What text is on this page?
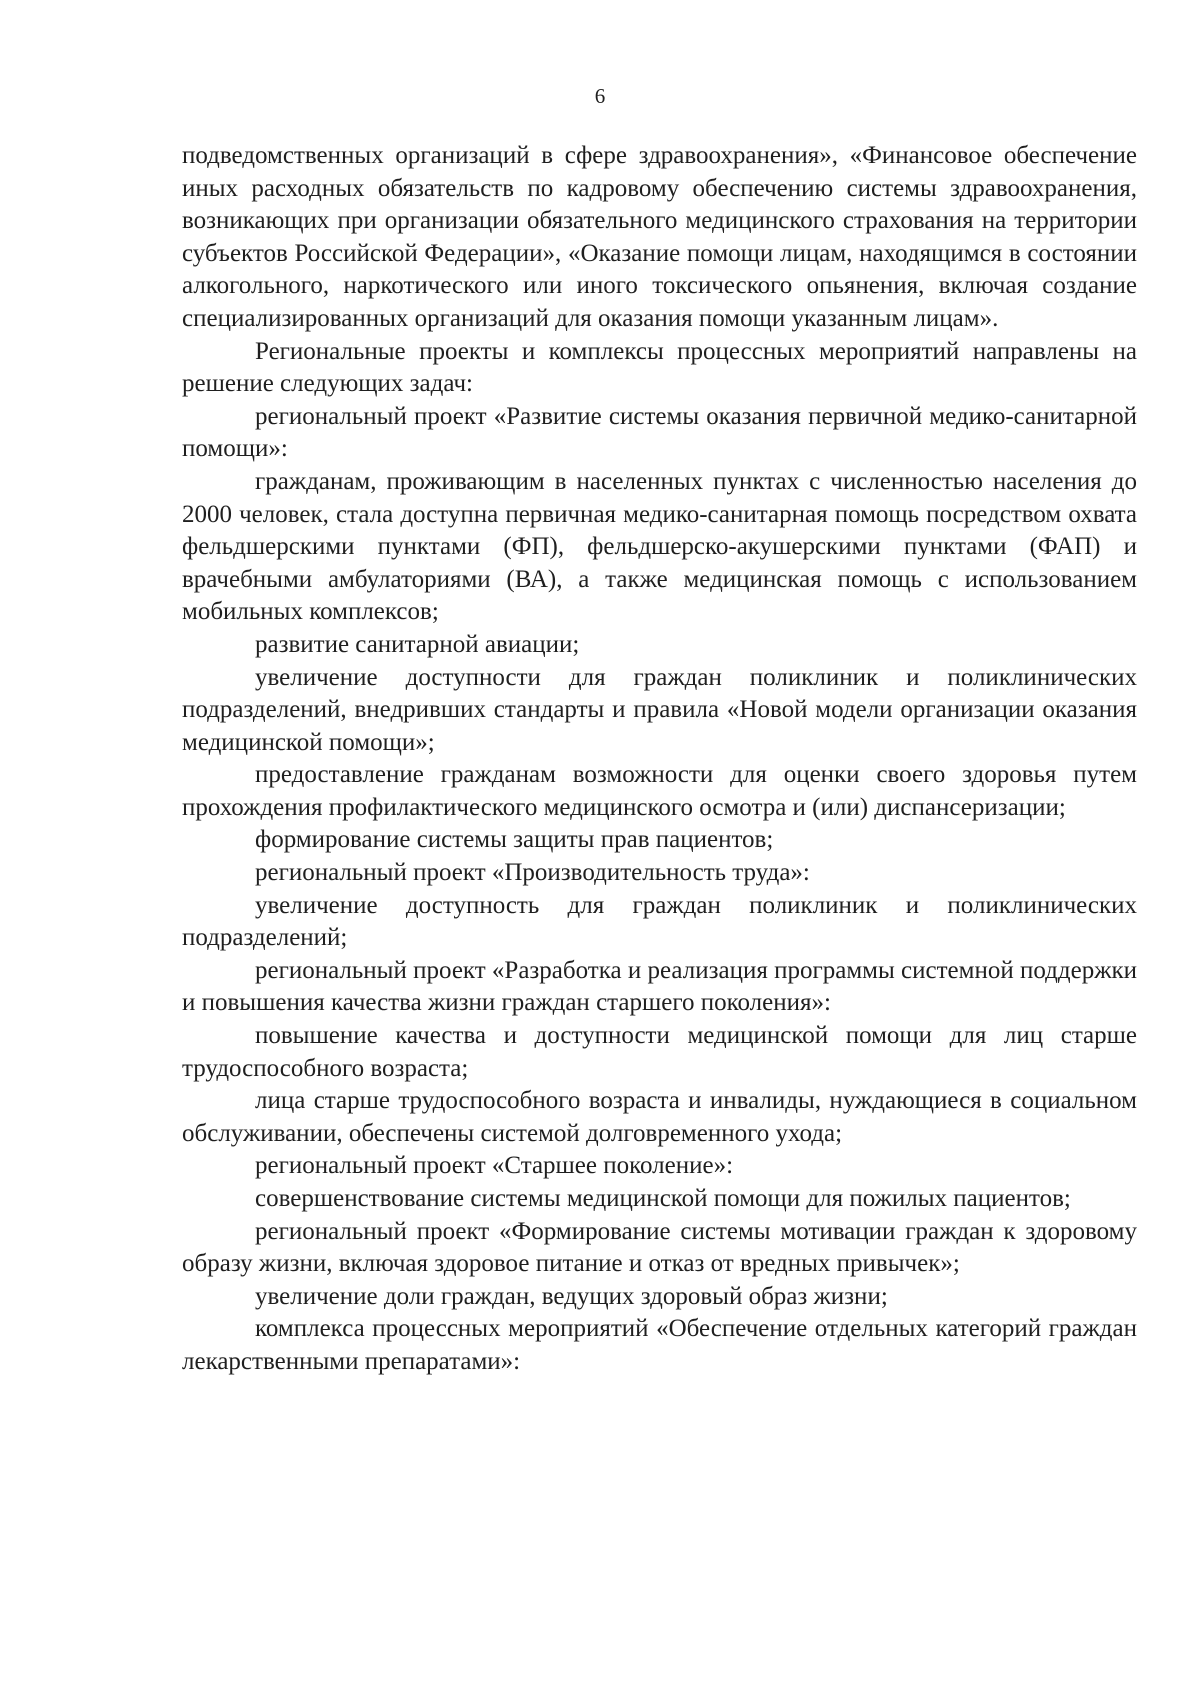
6

подведомственных организаций в сфере здравоохранения», «Финансовое обеспечение иных расходных обязательств по кадровому обеспечению системы здравоохранения, возникающих при организации обязательного медицинского страхования на территории субъектов Российской Федерации», «Оказание помощи лицам, находящимся в состоянии алкогольного, наркотического или иного токсического опьянения, включая создание специализированных организаций для оказания помощи указанным лицам».

Региональные проекты и комплексы процессных мероприятий направлены на решение следующих задач:

региональный проект «Развитие системы оказания первичной медико-санитарной помощи»:

гражданам, проживающим в населенных пунктах с численностью населения до 2000 человек, стала доступна первичная медико-санитарная помощь посредством охвата фельдшерскими пунктами (ФП), фельдшерско-акушерскими пунктами (ФАП) и врачебными амбулаториями (ВА), а также медицинская помощь с использованием мобильных комплексов;

развитие санитарной авиации;

увеличение доступности для граждан поликлиник и поликлинических подразделений, внедривших стандарты и правила «Новой модели организации оказания медицинской помощи»;

предоставление гражданам возможности для оценки своего здоровья путем прохождения профилактического медицинского осмотра и (или) диспансеризации;

формирование системы защиты прав пациентов;

региональный проект «Производительность труда»:

увеличение доступность для граждан поликлиник и поликлинических подразделений;

региональный проект «Разработка и реализация программы системной поддержки и повышения качества жизни граждан старшего поколения»:

повышение качества и доступности медицинской помощи для лиц старше трудоспособного возраста;

лица старше трудоспособного возраста и инвалиды, нуждающиеся в социальном обслуживании, обеспечены системой долговременного ухода;

региональный проект «Старшее поколение»:

совершенствование системы медицинской помощи для пожилых пациентов;

региональный проект «Формирование системы мотивации граждан к здоровому образу жизни, включая здоровое питание и отказ от вредных привычек»;

увеличение доли граждан, ведущих здоровый образ жизни;

комплекса процессных мероприятий «Обеспечение отдельных категорий граждан лекарственными препаратами»:
